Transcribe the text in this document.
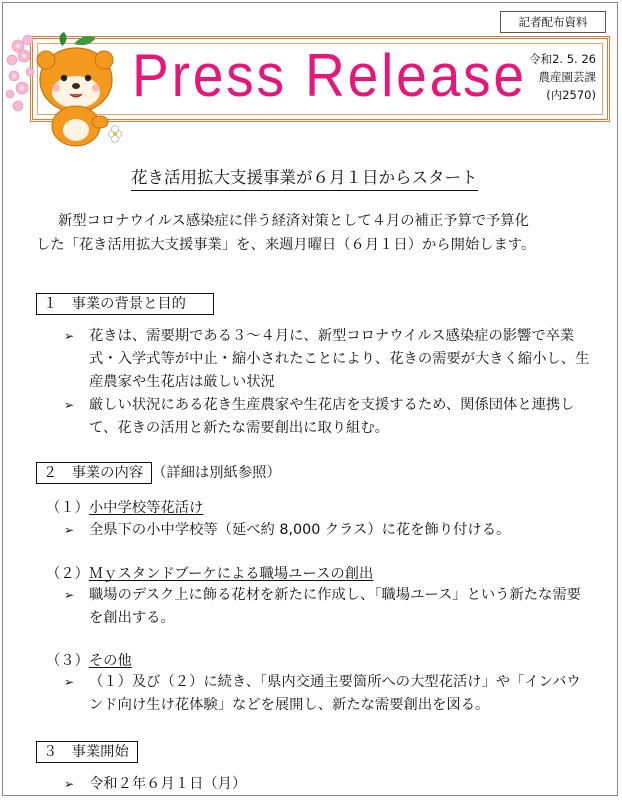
記者配布資料
Press Release 令和2. 5. 26
農産園芸課
(内2570)
花き活用拡大支援事業が６月１日からスタート

新型コロナウイルス感染症に伴う経済対策として４月の補正予算で予算化

した「花き活用拡大支援事業」を、来週月曜日（６月１日）から開始します。

１　事業の背景と目的
➢	花きは、需要期である３～４月に、新型コロナウイルス感染症の影響で卒業式・入学式等が中止・縮小されたことにより、花きの需要が大きく縮小し、生産農家や生花店は厳しい状況
➢	厳しい状況にある花き生産農家や生花店を支援するため、関係団体と連携して、花きの活用と新たな需要創出に取り組む。
２　事業の内容 （詳細は別紙参照）
（１）小中学校等花活け
➢	全県下の小中学校等（延べ約 8,000 クラス）に花を飾り付ける。
（２）Ｍｙスタンドブーケによる職場ユースの創出
➢	職場のデスク上に飾る花材を新たに作成し、「職場ユース」という新たな需要を創出する。
（３）その他
➢	（１）及び（２）に続き、「県内交通主要箇所への大型花活け」や「インバウンド向け生け花体験」などを展開し、新たな需要創出を図る。
３　事業開始
➢	令和２年６月１日（月）
